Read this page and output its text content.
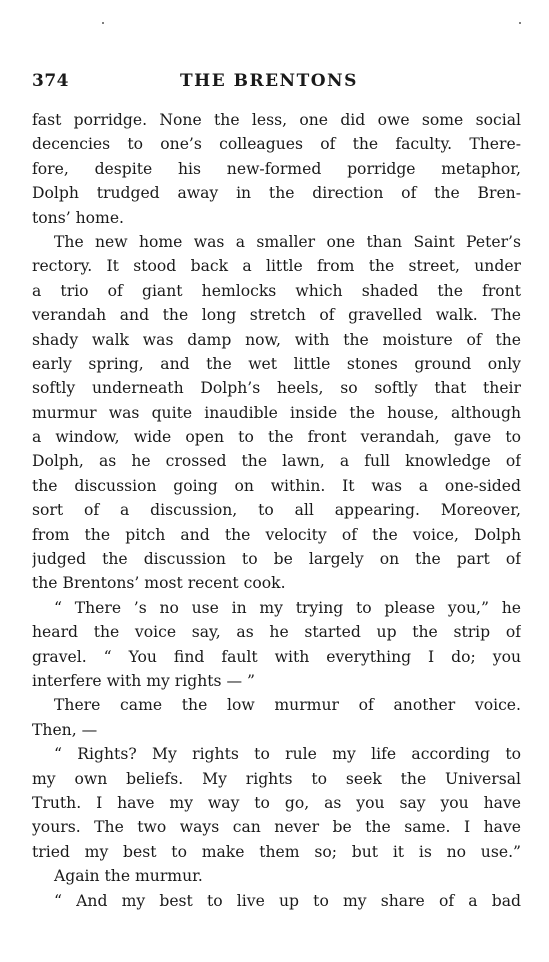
374	THE BRENTONS
fast porridge. None the less, one did owe some social
decencies to one’s colleagues of the faculty. There-
fore, despite his new-formed porridge metaphor,
Dolph trudged away in the direction of the Bren-
tons’ home.
The new home was a smaller one than Saint Peter’s
rectory. It stood back a little from the street, under
a trio of giant hemlocks which shaded the front
verandah and the long stretch of gravelled walk. The
shady walk was damp now, with the moisture of the
early spring, and the wet little stones ground only
softly underneath Dolph’s heels, so softly that their
murmur was quite inaudible inside the house, although
a window, wide open to the front verandah, gave to
Dolph, as he crossed the lawn, a full knowledge of
the discussion going on within. It was a one-sided
sort of a discussion, to all appearing. Moreover,
from the pitch and the velocity of the voice, Dolph
judged the discussion to be largely on the part of
the Brentons’ most recent cook.
“ There ’s no use in my trying to please you,” he
heard the voice say, as he started up the strip of
gravel. “ You find fault with everything I do; you
interfere with my rights — ”
There came the low murmur of another voice.
Then, —
“ Rights? My rights to rule my life according to
my own beliefs. My rights to seek the Universal
Truth. I have my way to go, as you say you have
yours. The two ways can never be the same. I have
tried my best to make them so; but it is no use.”
Again the murmur.
“ And my best to live up to my share of a bad
